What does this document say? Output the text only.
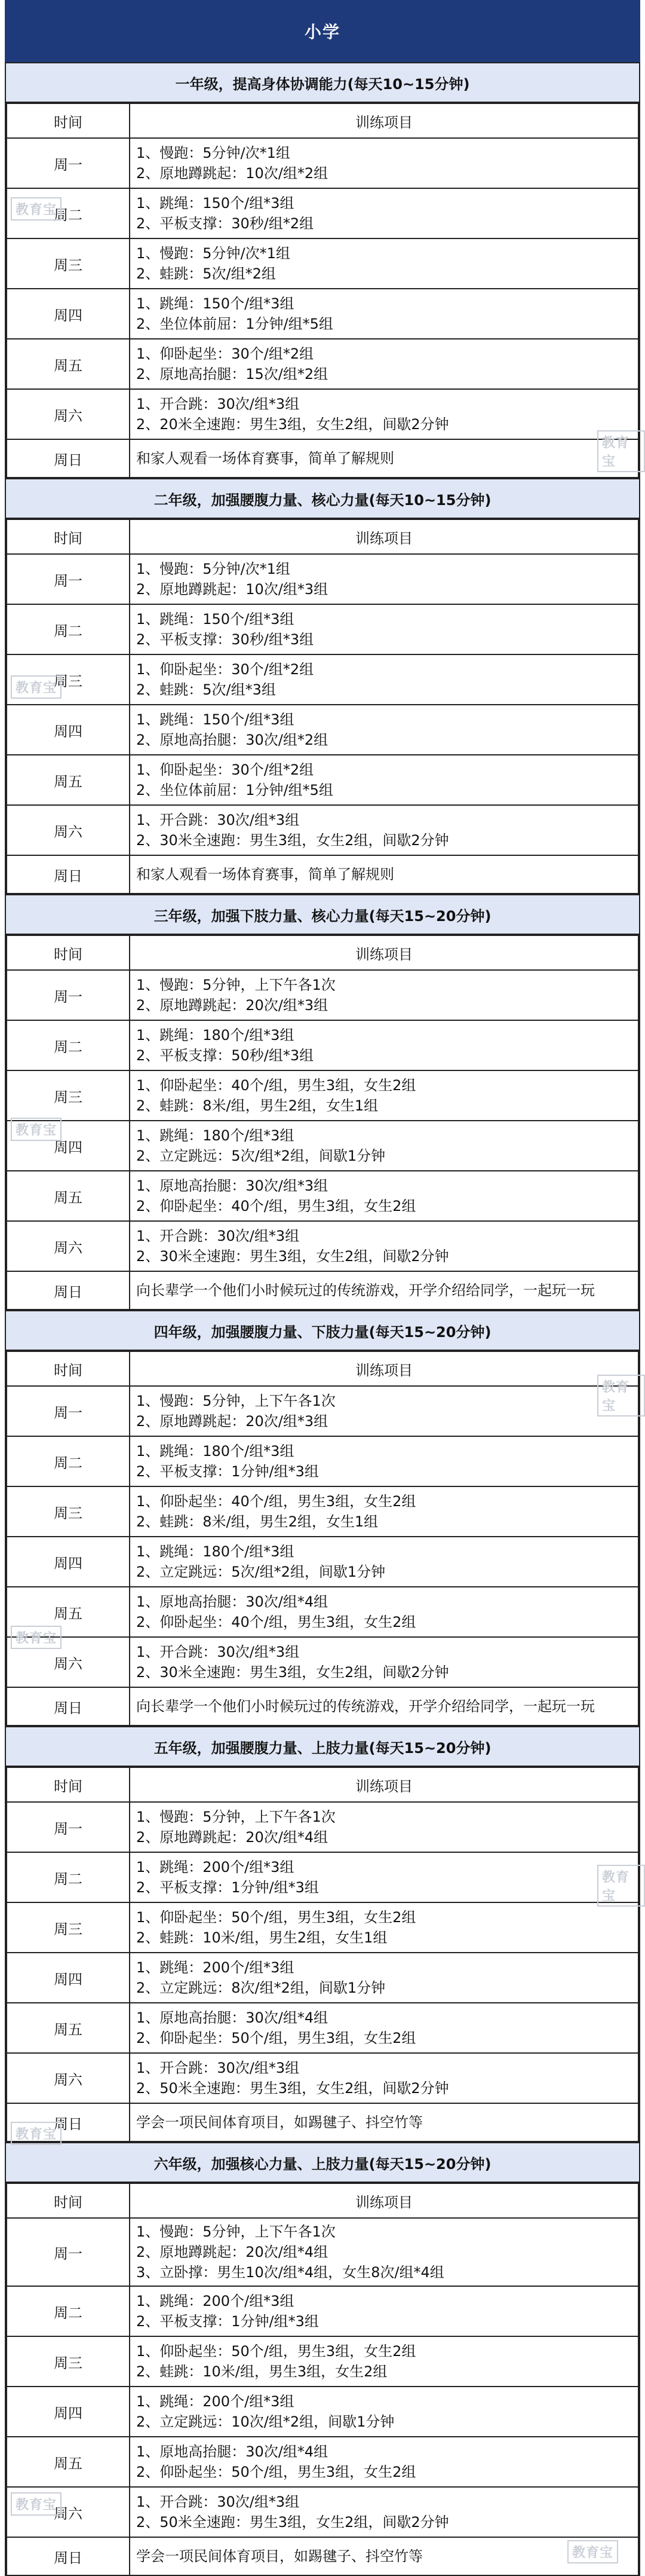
小学
一年级，提高身体协调能力(每天10~15分钟)
时间	训练项目
周一	1、慢跑：5分钟/次*1组
2、原地蹲跳起：10次/组*2组

周二	1、跳绳：150个/组*3组
2、平板支撑：30秒/组*2组

周三	1、慢跑：5分钟/次*1组
2、蛙跳：5次/组*2组

周四	1、跳绳：150个/组*3组
2、坐位体前屈：1分钟/组*5组

周五	1、仰卧起坐：30个/组*2组
2、原地高抬腿：15次/组*2组

周六	1、开合跳：30次/组*3组
2、20米全速跑：男生3组，女生2组，间歇2分钟

周日	和家人观看一场体育赛事，简单了解规则
二年级，加强腰腹力量、核心力量(每天10~15分钟)
时间	训练项目
周一	1、慢跑：5分钟/次*1组
2、原地蹲跳起：10次/组*3组

周二	1、跳绳：150个/组*3组
2、平板支撑：30秒/组*3组

周三	1、仰卧起坐：30个/组*2组
2、蛙跳：5次/组*3组

周四	1、跳绳：150个/组*3组
2、原地高抬腿：30次/组*2组

周五	1、仰卧起坐：30个/组*2组
2、坐位体前屈：1分钟/组*5组

周六	1、开合跳：30次/组*3组
2、30米全速跑：男生3组，女生2组，间歇2分钟

周日	和家人观看一场体育赛事，简单了解规则
三年级，加强下肢力量、核心力量(每天15~20分钟)
时间	训练项目
周一	1、慢跑：5分钟，上下午各1次
2、原地蹲跳起：20次/组*3组

周二	1、跳绳：180个/组*3组
2、平板支撑：50秒/组*3组

周三	1、仰卧起坐：40个/组，男生3组，女生2组
2、蛙跳：8米/组，男生2组，女生1组

周四	1、跳绳：180个/组*3组
2、立定跳远：5次/组*2组，间歇1分钟

周五	1、原地高抬腿：30次/组*3组
2、仰卧起坐：40个/组，男生3组，女生2组

周六	1、开合跳：30次/组*3组
2、30米全速跑：男生3组，女生2组，间歇2分钟

周日	向长辈学一个他们小时候玩过的传统游戏，开学介绍给同学，一起玩一玩
四年级，加强腰腹力量、下肢力量(每天15~20分钟)
时间	训练项目
周一	1、慢跑：5分钟，上下午各1次
2、原地蹲跳起：20次/组*3组

周二	1、跳绳：180个/组*3组
2、平板支撑：1分钟/组*3组

周三	1、仰卧起坐：40个/组，男生3组，女生2组
2、蛙跳：8米/组，男生2组，女生1组

周四	1、跳绳：180个/组*3组
2、立定跳远：5次/组*2组，间歇1分钟

周五	1、原地高抬腿：30次/组*4组
2、仰卧起坐：40个/组，男生3组，女生2组

周六	1、开合跳：30次/组*3组
2、30米全速跑：男生3组，女生2组，间歇2分钟

周日	向长辈学一个他们小时候玩过的传统游戏，开学介绍给同学，一起玩一玩
五年级，加强腰腹力量、上肢力量(每天15~20分钟)
时间	训练项目
周一	1、慢跑：5分钟，上下午各1次
2、原地蹲跳起：20次/组*4组

周二	1、跳绳：200个/组*3组
2、平板支撑：1分钟/组*3组

周三	1、仰卧起坐：50个/组，男生3组，女生2组
2、蛙跳：10米/组，男生2组，女生1组

周四	1、跳绳：200个/组*3组
2、立定跳远：8次/组*2组，间歇1分钟

周五	1、原地高抬腿：30次/组*4组
2、仰卧起坐：50个/组，男生3组，女生2组

周六	1、开合跳：30次/组*3组
2、50米全速跑：男生3组，女生2组，间歇2分钟

周日	学会一项民间体育项目，如踢毽子、抖空竹等
六年级，加强核心力量、上肢力量(每天15~20分钟)
时间	训练项目
周一	1、慢跑：5分钟，上下午各1次
2、原地蹲跳起：20次/组*4组
3、立卧撑：男生10次/组*4组，女生8次/组*4组

周二	1、跳绳：200个/组*3组
2、平板支撑：1分钟/组*3组

周三	1、仰卧起坐：50个/组，男生3组，女生2组
2、蛙跳：10米/组，男生3组，女生2组

周四	1、跳绳：200个/组*3组
2、立定跳远：10次/组*2组，间歇1分钟

周五	1、原地高抬腿：30次/组*4组
2、仰卧起坐：50个/组，男生3组，女生2组

周六	1、开合跳：30次/组*3组
2、50米全速跑：男生3组，女生2组，间歇2分钟

周日	学会一项民间体育项目，如踢毽子、抖空竹等
教育宝
教育宝
教育宝
教育宝
教育宝
教育宝
教育宝
教育宝
教育宝
教育宝
